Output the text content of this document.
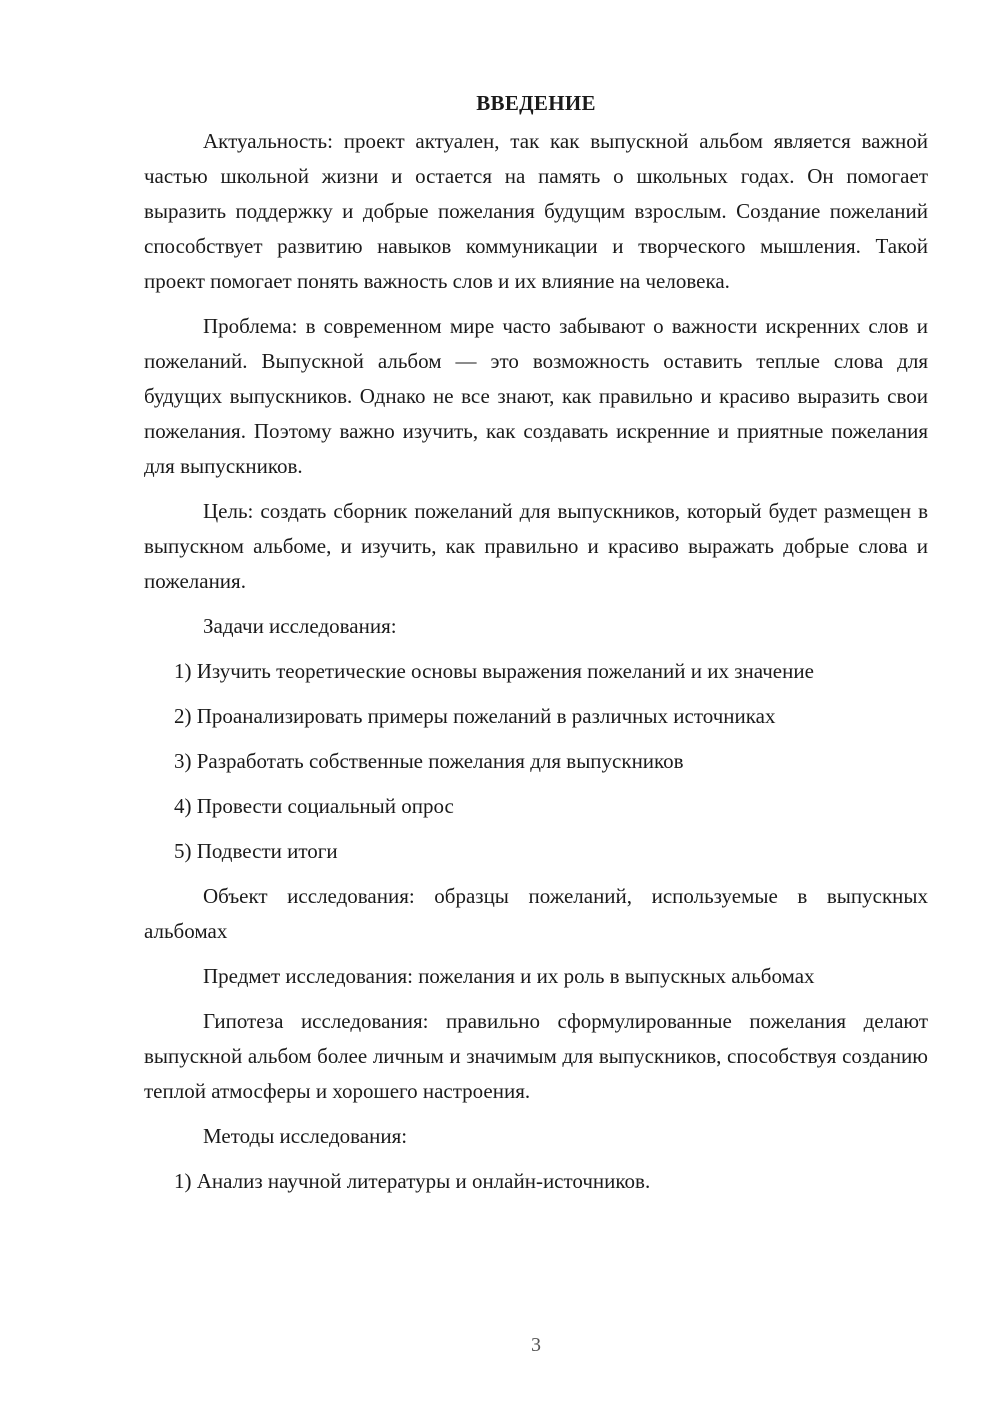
ВВЕДЕНИЕ

Актуальность: проект актуален, так как выпускной альбом является важной частью школьной жизни и остается на память о школьных годах. Он помогает выразить поддержку и добрые пожелания будущим взрослым. Создание пожеланий способствует развитию навыков коммуникации и творческого мышления. Такой проект помогает понять важность слов и их влияние на человека.

Проблема: в современном мире часто забывают о важности искренних слов и пожеланий. Выпускной альбом — это возможность оставить теплые слова для будущих выпускников. Однако не все знают, как правильно и красиво выразить свои пожелания. Поэтому важно изучить, как создавать искренние и приятные пожелания для выпускников.

Цель: создать сборник пожеланий для выпускников, который будет размещен в выпускном альбоме, и изучить, как правильно и красиво выражать добрые слова и пожелания.

Задачи исследования:

1) Изучить теоретические основы выражения пожеланий и их значение

2) Проанализировать примеры пожеланий в различных источниках

3) Разработать собственные пожелания для выпускников

4) Провести социальный опрос

5) Подвести итоги

Объект исследования: образцы пожеланий, используемые в выпускных альбомах

Предмет исследования: пожелания и их роль в выпускных альбомах

Гипотеза исследования: правильно сформулированные пожелания делают выпускной альбом более личным и значимым для выпускников, способствуя созданию теплой атмосферы и хорошего настроения.

Методы исследования:

1) Анализ научной литературы и онлайн-источников.

3
